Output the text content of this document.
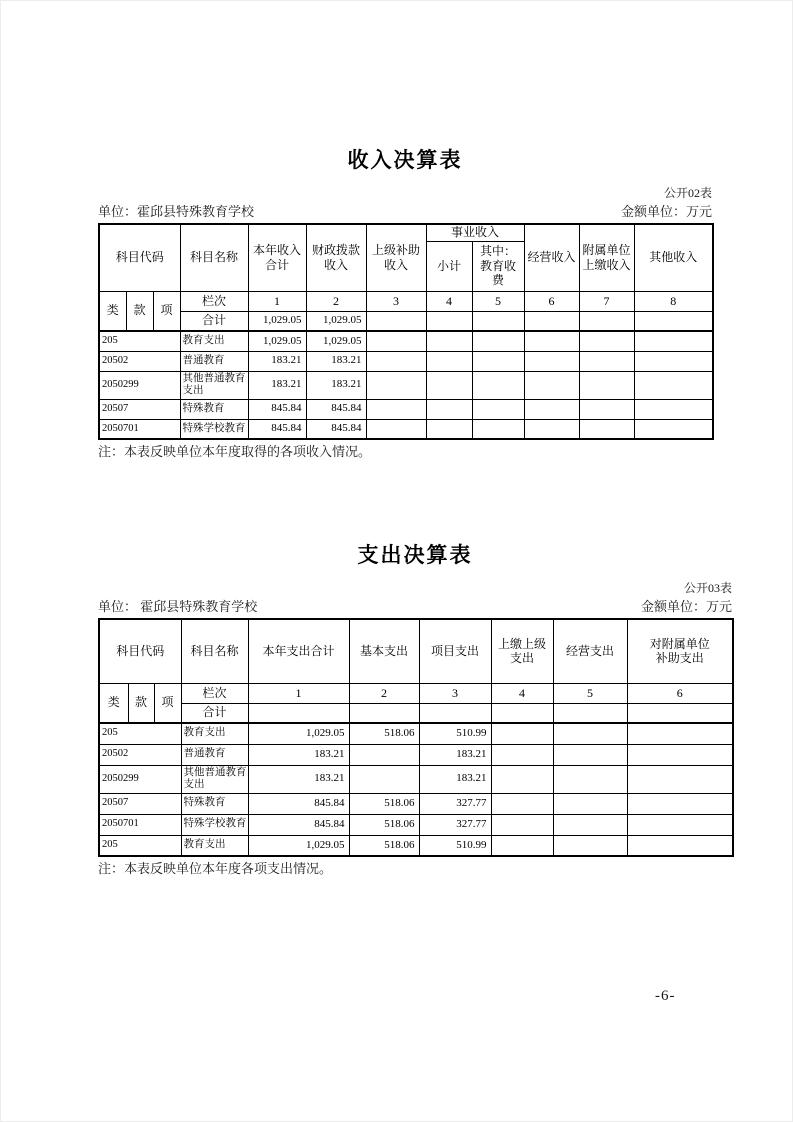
收入决算表
公开02表
单位：霍邱县特殊教育学校	金额单位：万元
科目代码			科目名称	本年收入合计	财政拨款收入	上级补助收入	事业收入		经营收入	附属单位上缴收入	其他收入
							小计	其中：教育收费			
类	款	项	栏次	1	2	3	4	5	6	7	8
			合计	1,029.05	1,029.05						
205			教育支出	1,029.05	1,029.05						
20502			普通教育	183.21	183.21						
2050299			其他普通教育支出	183.21	183.21						
20507			特殊教育	845.84	845.84						
2050701			特殊学校教育	845.84	845.84						
注：本表反映单位本年度取得的各项收入情况。
支出决算表
公开03表
单位： 霍邱县特殊教育学校	金额单位：万元
科目代码			科目名称	本年支出合计	基本支出	项目支出	上缴上级支出	经营支出	对附属单位补助支出

类	款	项	栏次	1	2	3	4	5	6
			合计						
205			教育支出	1,029.05	518.06	510.99			
20502			普通教育	183.21		183.21			
2050299			其他普通教育支出	183.21		183.21			
20507			特殊教育	845.84	518.06	327.77			
2050701			特殊学校教育	845.84	518.06	327.77			
205			教育支出	1,029.05	518.06	510.99			
注：本表反映单位本年度各项支出情况。
-6-
